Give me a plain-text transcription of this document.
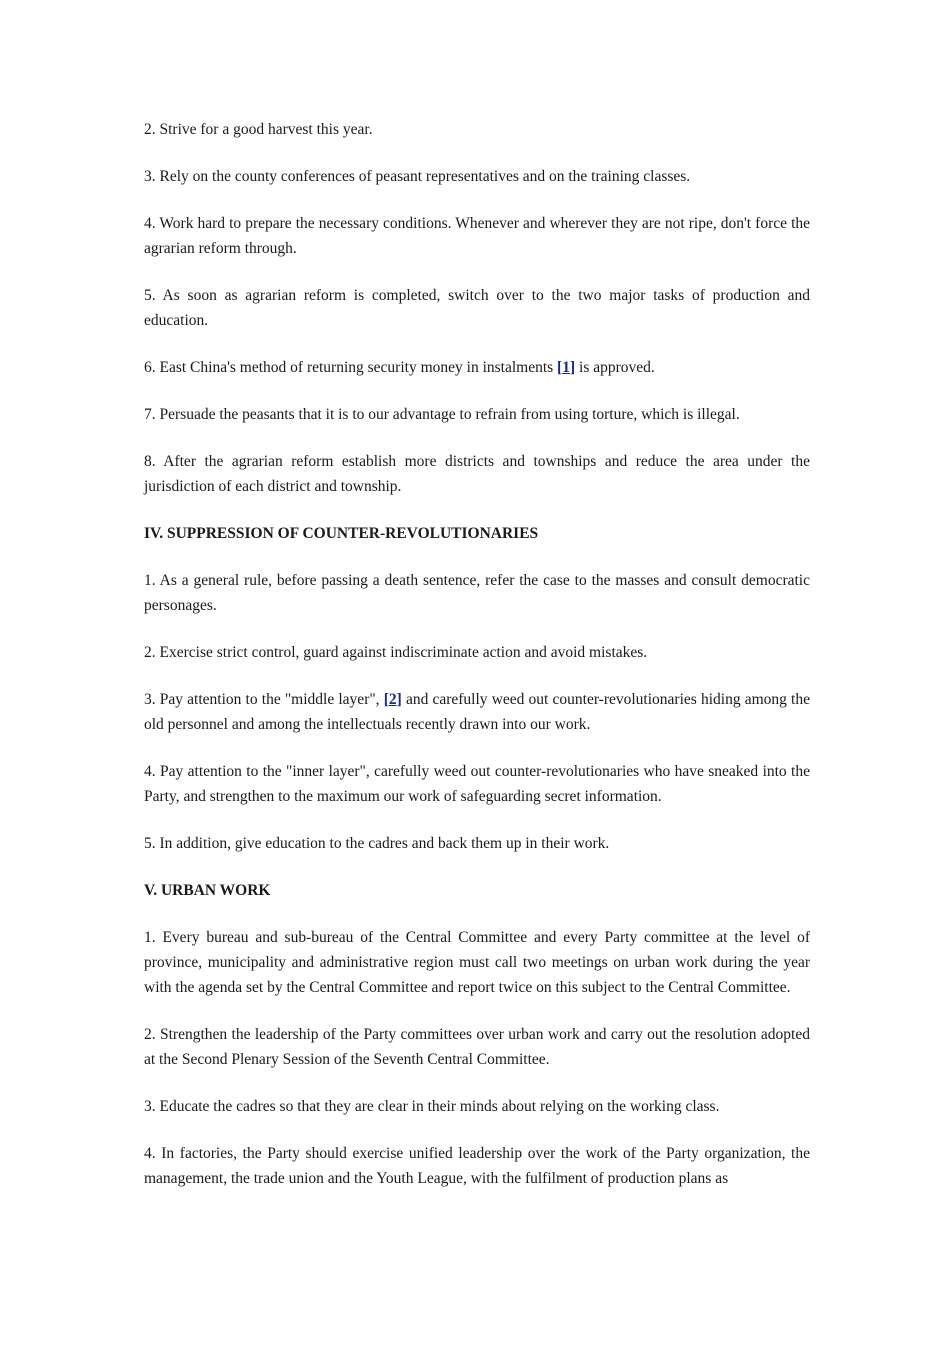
2. Strive for a good harvest this year.

3. Rely on the county conferences of peasant representatives and on the training classes.

4. Work hard to prepare the necessary conditions. Whenever and wherever they are not ripe, don't force the agrarian reform through.

5. As soon as agrarian reform is completed, switch over to the two major tasks of production and education.

6. East China's method of returning security money in instalments [1] is approved.

7. Persuade the peasants that it is to our advantage to refrain from using torture, which is illegal.

8. After the agrarian reform establish more districts and townships and reduce the area under the jurisdiction of each district and township.

IV. SUPPRESSION OF COUNTER-REVOLUTIONARIES

1. As a general rule, before passing a death sentence, refer the case to the masses and consult democratic personages.

2. Exercise strict control, guard against indiscriminate action and avoid mistakes.

3. Pay attention to the "middle layer", [2] and carefully weed out counter-revolutionaries hiding among the old personnel and among the intellectuals recently drawn into our work.

4. Pay attention to the "inner layer", carefully weed out counter-revolutionaries who have sneaked into the Party, and strengthen to the maximum our work of safeguarding secret information.

5. In addition, give education to the cadres and back them up in their work.

V. URBAN WORK

1. Every bureau and sub-bureau of the Central Committee and every Party committee at the level of province, municipality and administrative region must call two meetings on urban work during the year with the agenda set by the Central Committee and report twice on this subject to the Central Committee.

2. Strengthen the leadership of the Party committees over urban work and carry out the resolution adopted at the Second Plenary Session of the Seventh Central Committee.

3. Educate the cadres so that they are clear in their minds about relying on the working class.

4. In factories, the Party should exercise unified leadership over the work of the Party organization, the management, the trade union and the Youth League, with the fulfilment of production plans as
